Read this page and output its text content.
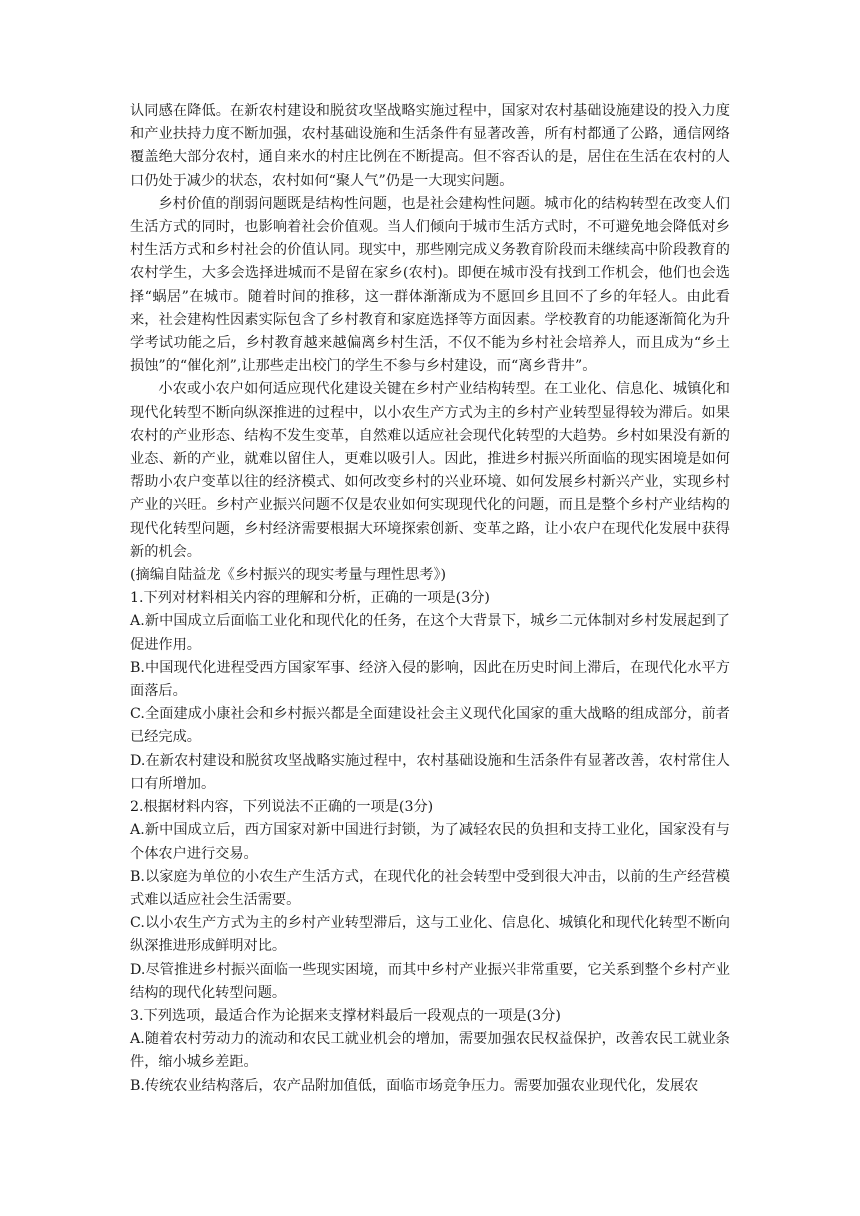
认同感在降低。在新农村建设和脱贫攻坚战略实施过程中，国家对农村基础设施建设的投入力度和产业扶持力度不断加强，农村基础设施和生活条件有显著改善，所有村都通了公路，通信网络覆盖绝大部分农村，通自来水的村庄比例在不断提高。但不容否认的是，居住在生活在农村的人口仍处于减少的状态，农村如何“聚人气”仍是一大现实问题。

乡村价值的削弱问题既是结构性问题，也是社会建构性问题。城市化的结构转型在改变人们生活方式的同时，也影响着社会价值观。当人们倾向于城市生活方式时，不可避免地会降低对乡村生活方式和乡村社会的价值认同。现实中，那些刚完成义务教育阶段而未继续高中阶段教育的农村学生，大多会选择进城而不是留在家乡(农村)。即便在城市没有找到工作机会，他们也会选择“蜗居”在城市。随着时间的推移，这一群体渐渐成为不愿回乡且回不了乡的年轻人。由此看来，社会建构性因素实际包含了乡村教育和家庭选择等方面因素。学校教育的功能逐渐简化为升学考试功能之后，乡村教育越来越偏离乡村生活，不仅不能为乡村社会培养人，而且成为“乡土损蚀”的“催化剂”,让那些走出校门的学生不参与乡村建设，而“离乡背井”。

小农或小农户如何适应现代化建设关键在乡村产业结构转型。在工业化、信息化、城镇化和现代化转型不断向纵深推进的过程中，以小农生产方式为主的乡村产业转型显得较为滞后。如果农村的产业形态、结构不发生变革，自然难以适应社会现代化转型的大趋势。乡村如果没有新的业态、新的产业，就难以留住人，更难以吸引人。因此，推进乡村振兴所面临的现实困境是如何帮助小农户变革以往的经济模式、如何改变乡村的兴业环境、如何发展乡村新兴产业，实现乡村产业的兴旺。乡村产业振兴问题不仅是农业如何实现现代化的问题，而且是整个乡村产业结构的现代化转型问题，乡村经济需要根据大环境探索创新、变革之路，让小农户在现代化发展中获得新的机会。

(摘编自陆益龙《乡村振兴的现实考量与理性思考》)

1.下列对材料相关内容的理解和分析，正确的一项是(3分)

A.新中国成立后面临工业化和现代化的任务，在这个大背景下，城乡二元体制对乡村发展起到了促进作用。

B.中国现代化进程受西方国家军事、经济入侵的影响，因此在历史时间上滞后，在现代化水平方面落后。

C.全面建成小康社会和乡村振兴都是全面建设社会主义现代化国家的重大战略的组成部分，前者已经完成。

D.在新农村建设和脱贫攻坚战略实施过程中，农村基础设施和生活条件有显著改善，农村常住人口有所增加。

2.根据材料内容，下列说法不正确的一项是(3分)

A.新中国成立后，西方国家对新中国进行封锁，为了减轻农民的负担和支持工业化，国家没有与个体农户进行交易。

B.以家庭为单位的小农生产生活方式，在现代化的社会转型中受到很大冲击，以前的生产经营模式难以适应社会生活需要。

C.以小农生产方式为主的乡村产业转型滞后，这与工业化、信息化、城镇化和现代化转型不断向纵深推进形成鲜明对比。

D.尽管推进乡村振兴面临一些现实困境，而其中乡村产业振兴非常重要，它关系到整个乡村产业结构的现代化转型问题。

3.下列选项，最适合作为论据来支撑材料最后一段观点的一项是(3分)

A.随着农村劳动力的流动和农民工就业机会的增加，需要加强农民权益保护，改善农民工就业条件，缩小城乡差距。

B.传统农业结构落后，农产品附加值低，面临市场竞争压力。需要加强农业现代化，发展农
